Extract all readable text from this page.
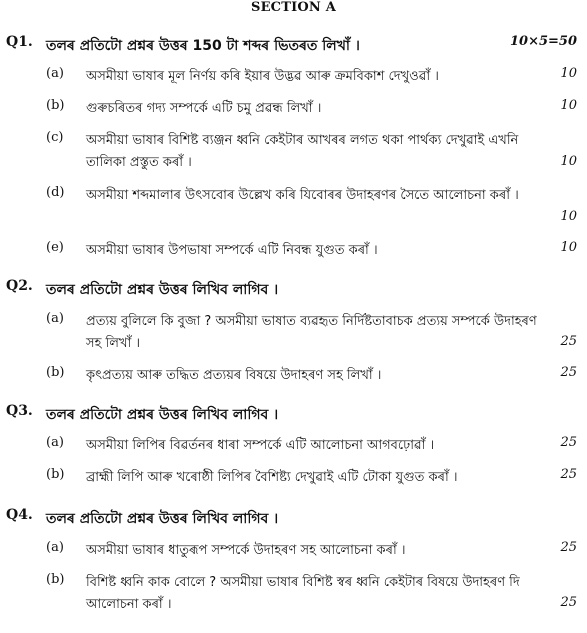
SECTION A
Q1. তলৰ প্ৰতিটো প্ৰশ্নৰ উত্তৰ 150 টা শব্দৰ ভিতৰত লিখাঁ ।	10×5=50
(a) অসমীয়া ভাষাৰ মূল নিৰ্ণয় কৰি ইয়াৰ উদ্ভৱ আৰু ক্ৰমবিকাশ দেখুওৱাঁ ।	10
(b) গুৰুচৰিতৰ গদ্য সম্পৰ্কে এটি চমু প্ৰৱন্ধ লিখাঁ ।	10
(c) অসমীয়া ভাষাৰ বিশিষ্ট ব্যঞ্জন ধ্বনি কেইটাৰ আখৰৰ লগত থকা পাৰ্থক্য দেখুৱাই এখনি তালিকা প্ৰস্তুত কৰাঁ ।	10
(d) অসমীয়া শব্দমালাৰ উৎসবোৰ উল্লেখ কৰি যিবোৰৰ উদাহৰণৰ সৈতে আলোচনা কৰাঁ ।
10
(e) অসমীয়া ভাষাৰ উপভাষা সম্পৰ্কে এটি নিবন্ধ যুগুত কৰাঁ ।	10
Q2. তলৰ প্ৰতিটো প্ৰশ্নৰ উত্তৰ লিখিব লাগিব ।
(a) প্ৰত্যয় বুলিলে কি বুজা ? অসমীয়া ভাষাত ব্যৱহৃত নিৰ্দিষ্টতাবাচক প্ৰত্যয় সম্পৰ্কে উদাহৰণ সহ লিখাঁ ।	25
(b) কৃৎপ্ৰত্যয় আৰু তদ্ধিত প্ৰত্যয়ৰ বিষয়ে উদাহৰণ সহ লিখাঁ ।	25
Q3. তলৰ প্ৰতিটো প্ৰশ্নৰ উত্তৰ লিখিব লাগিব ।
(a) অসমীয়া লিপিৰ বিৱৰ্তনৰ ধাৰা সম্পৰ্কে এটি আলোচনা আগবঢ়োৱাঁ ।	25
(b) ব্ৰাহ্মী লিপি আৰু খৰোষ্ঠী লিপিৰ বৈশিষ্ট্য দেখুৱাই এটি টোকা যুগুত কৰাঁ ।	25
Q4. তলৰ প্ৰতিটো প্ৰশ্নৰ উত্তৰ লিখিব লাগিব ।
(a) অসমীয়া ভাষাৰ ধাতুৰূপ সম্পৰ্কে উদাহৰণ সহ আলোচনা কৰাঁ ।	25
(b) বিশিষ্ট ধ্বনি কাক বোলে ? অসমীয়া ভাষাৰ বিশিষ্ট স্বৰ ধ্বনি কেইটাৰ বিষয়ে উদাহৰণ দি আলোচনা কৰাঁ ।	25
